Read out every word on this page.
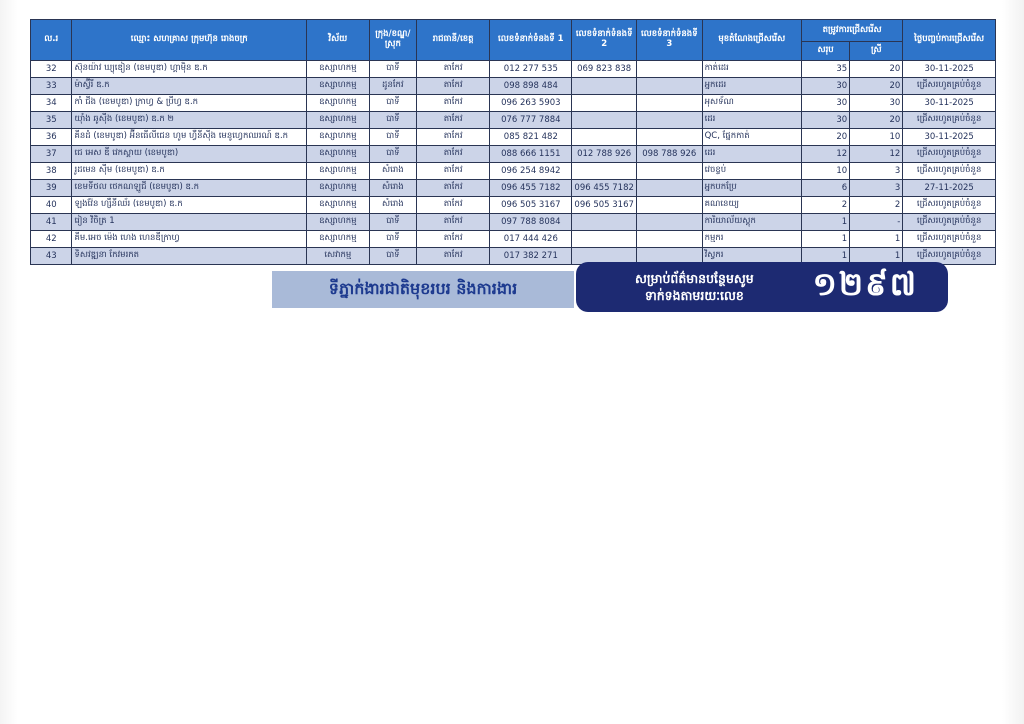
ល.រ	ឈ្មោះ សហគ្រាស ក្រុមហ៊ុន រោងចក្រ	វិស័យ	ក្រុង/ខណ្ឌ/ស្រុក	រាជធានី/ខេត្ត	លេខទំនាក់ទំនងទី 1	លេខទំនាក់ទំនងទី 2	លេខទំនាក់ទំនងទី 3	មុខតំណែងជ្រើសរើស	តម្រូវការជ្រើសរើស		ថ្ងៃបញ្ចប់ការជ្រើសរើស
									សរុប	ស្រី	
32	ស៊ុនយ៉ាវ ឃ្យុឌៀន (ខេមបូឌា) ហ្គាម៉ិន ឌ.ក	ឧស្សាហកម្ម	បាទី	តាកែវ	012 277 535	069 823 838		កាត់ដេរ	35	20	30-11-2025
33	ម៉ាស្វ៊ីរី ឌ.ក	ឧស្សាហកម្ម	ដូនកែវ	តាកែវ	098 898 484			អ្នកដេរ	30	20	ជ្រើសរហូតគ្រប់ចំនួន
34	កាំ ជីង (ខេមបូឌា) ក្រាហ្វ & ប្រីហ្វ ឌ.ក	ឧស្សាហកម្ម	បាទី	តាកែវ	096 263 5903			អុសទ័ណ	30	30	30-11-2025
35	យ៉ាំង ឆូស៊ីង (ខេមបូឌា) ឌ.ក ២	ឧស្សាហកម្ម	បាទី	តាកែវ	076 777 7884			ដេរ	30	20	ជ្រើសរហូតគ្រប់ចំនួន
36	គីនដំ (ខេមបូឌា) អ៊ីនធើលីជេន ហូម ហ្វឺនីស៊ីង មេនូហ្វេកឈរណ៍ ឌ.ក	ឧស្សាហកម្ម	បាទី	តាកែវ	085 821 482			QC, ផ្នែកកាត់	20	10	30-11-2025
37	ជេ អេស ឌី វេកស្គាយ (ខេមបូឌា)	ឧស្សាហកម្ម	បាទី	តាកែវ	088 666 1151	012 788 926	098 788 926	ដេរ	12	12	ជ្រើសរហូតគ្រប់ចំនួន
38	រូដមេន ស៊ីម (ខេមបូឌា) ឌ.ក	ឧស្សាហកម្ម	សំរោង	តាកែវ	096 254 8942			វេចខ្ចប់	10	3	ជ្រើសរហូតគ្រប់ចំនួន
39	ខេមទីថល ថេកណឡូជី (ខេមបូឌា) ឌ.ក	ឧស្សាហកម្ម	សំរោង	តាកែវ	096 455 7182	096 455 7182		អ្នកបកប្រែ	6	3	27-11-2025
40	ឡងវ៉ែន ហ្សឺនីឈ័រ (ខេមបូឌា) ឌ.ក	ឧស្សាហកម្ម	សំរោង	តាកែវ	096 505 3167	096 505 3167		គណនេយ្យ	2	2	ជ្រើសរហូតគ្រប់ចំនួន
41	រៀន វិចិត្រ 1	ឧស្សាហកម្ម	បាទី	តាកែវ	097 788 8084			ការិយាល័យស្តុក	1	-	ជ្រើសរហូតគ្រប់ចំនួន
42	គីម.អេច ម៉េង ហេង ហេនឌីក្រាហ្វ	ឧស្សាហកម្ម	បាទី	តាកែវ	017 444 426			កម្មករ	1	1	ជ្រើសរហូតគ្រប់ចំនួន
43	ទិសវឌ្ឍនា កែវមរកត	សេវាកម្ម	បាទី	តាកែវ	017 382 271			វិស្វករ	1	1	ជ្រើសរហូតគ្រប់ចំនួន
ទីភ្នាក់ងារជាតិមុខរបរ និងការងារ
សម្រាប់ព័ត៌មានបន្ថែមសូម
ទាក់ទងតាមរយៈលេខ	១២៩៧
